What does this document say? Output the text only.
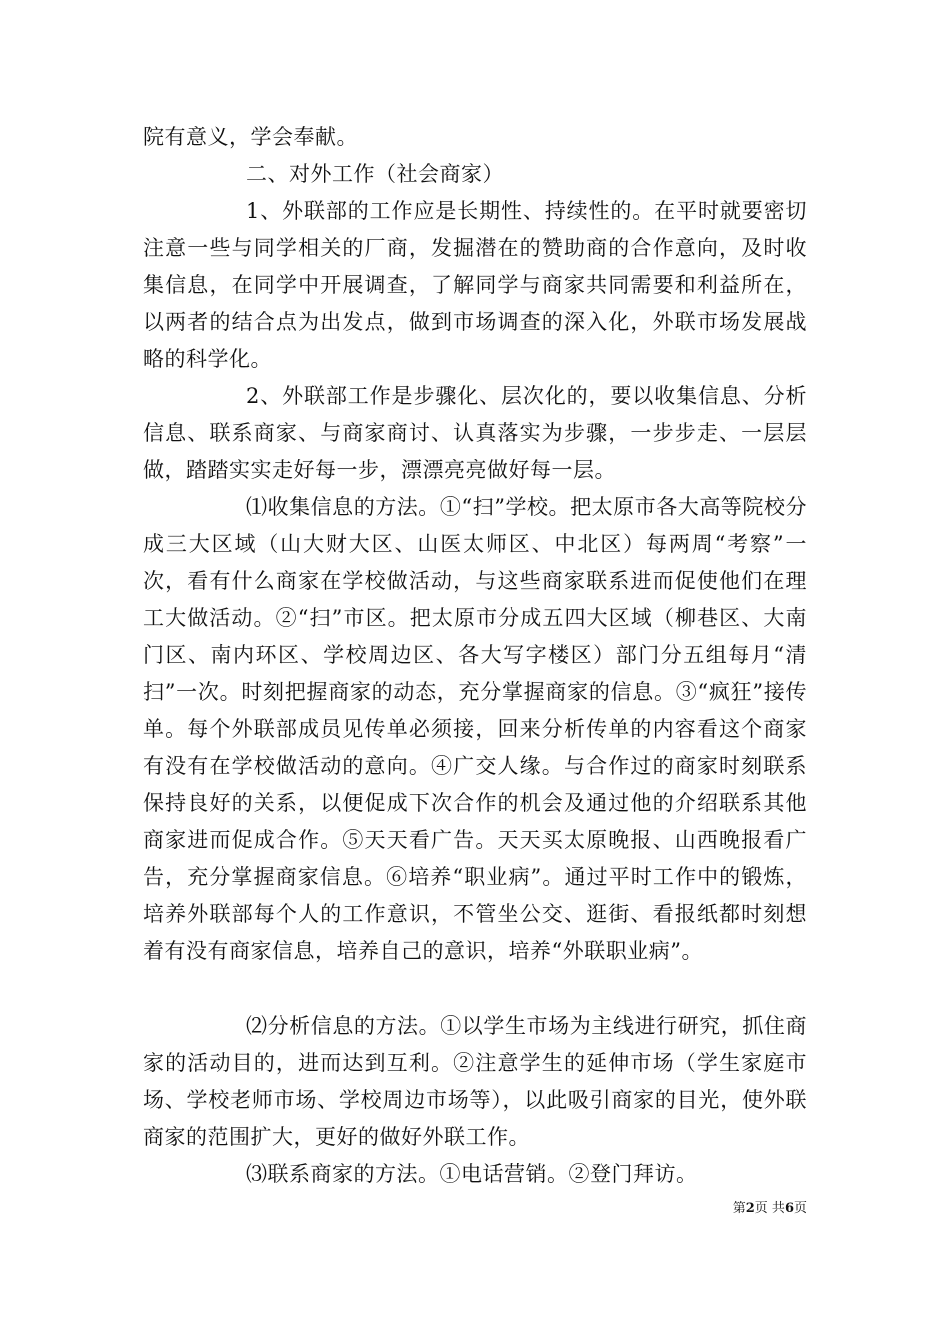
院有意义，学会奉献。

二、对外工作（社会商家）

1、外联部的工作应是长期性、持续性的。在平时就要密切注意一些与同学相关的厂商，发掘潜在的赞助商的合作意向，及时收集信息，在同学中开展调查，了解同学与商家共同需要和利益所在，以两者的结合点为出发点，做到市场调查的深入化，外联市场发展战略的科学化。

2、外联部工作是步骤化、层次化的，要以收集信息、分析信息、联系商家、与商家商讨、认真落实为步骤，一步步走、一层层做，踏踏实实走好每一步，漂漂亮亮做好每一层。

⑴收集信息的方法。①“扫”学校。把太原市各大高等院校分成三大区域（山大财大区、山医太师区、中北区）每两周“考察”一次，看有什么商家在学校做活动，与这些商家联系进而促使他们在理工大做活动。②“扫”市区。把太原市分成五四大区域（柳巷区、大南门区、南内环区、学校周边区、各大写字楼区）部门分五组每月“清扫”一次。时刻把握商家的动态，充分掌握商家的信息。③“疯狂”接传单。每个外联部成员见传单必须接，回来分析传单的内容看这个商家有没有在学校做活动的意向。④广交人缘。与合作过的商家时刻联系保持良好的关系，以便促成下次合作的机会及通过他的介绍联系其他商家进而促成合作。⑤天天看广告。天天买太原晚报、山西晚报看广告，充分掌握商家信息。⑥培养“职业病”。通过平时工作中的锻炼，培养外联部每个人的工作意识，不管坐公交、逛街、看报纸都时刻想着有没有商家信息，培养自己的意识，培养“外联职业病”。

⑵分析信息的方法。①以学生市场为主线进行研究，抓住商家的活动目的，进而达到互利。②注意学生的延伸市场（学生家庭市场、学校老师市场、学校周边市场等），以此吸引商家的目光，使外联商家的范围扩大，更好的做好外联工作。

⑶联系商家的方法。①电话营销。②登门拜访。

第2页 共6页
